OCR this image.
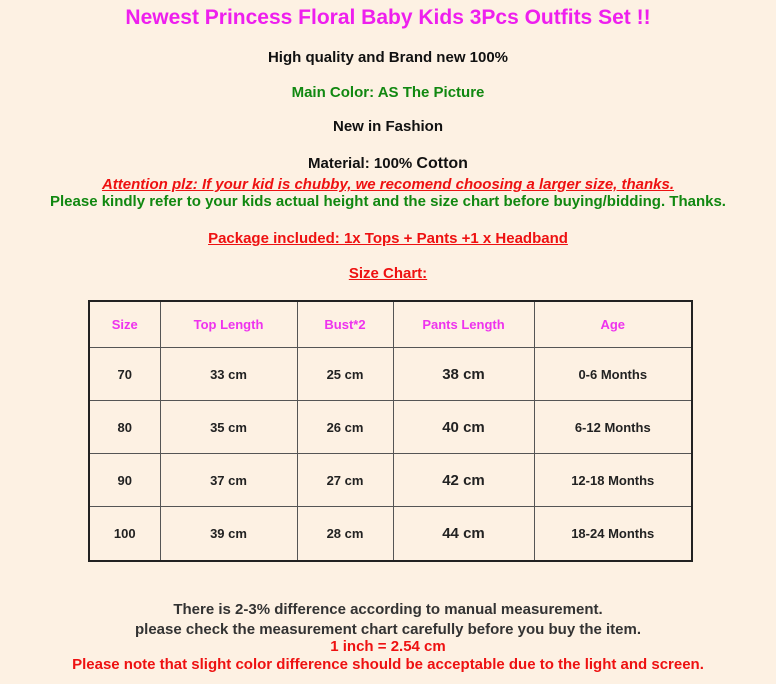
Newest Princess Floral Baby Kids 3Pcs Outfits Set !!
High quality and Brand new 100%
Main Color: AS The Picture
New in Fashion
Material: 100% Cotton
Attention plz: If your kid is chubby, we recomend choosing a larger size, thanks.
Please kindly refer to your kids actual height and the size chart before buying/bidding. Thanks.
Package included: 1x Tops + Pants +1 x Headband
Size Chart:
Size	Top Length	Bust*2	Pants Length	Age
70	33 cm	25 cm	38 cm	0-6 Months
80	35 cm	26 cm	40 cm	6-12 Months
90	37 cm	27 cm	42 cm	12-18 Months
100	39 cm	28 cm	44 cm	18-24 Months
There is 2-3% difference according to manual measurement.
please check the measurement chart carefully before you buy the item.
1 inch = 2.54 cm
Please note that slight color difference should be acceptable due to the light and screen.
